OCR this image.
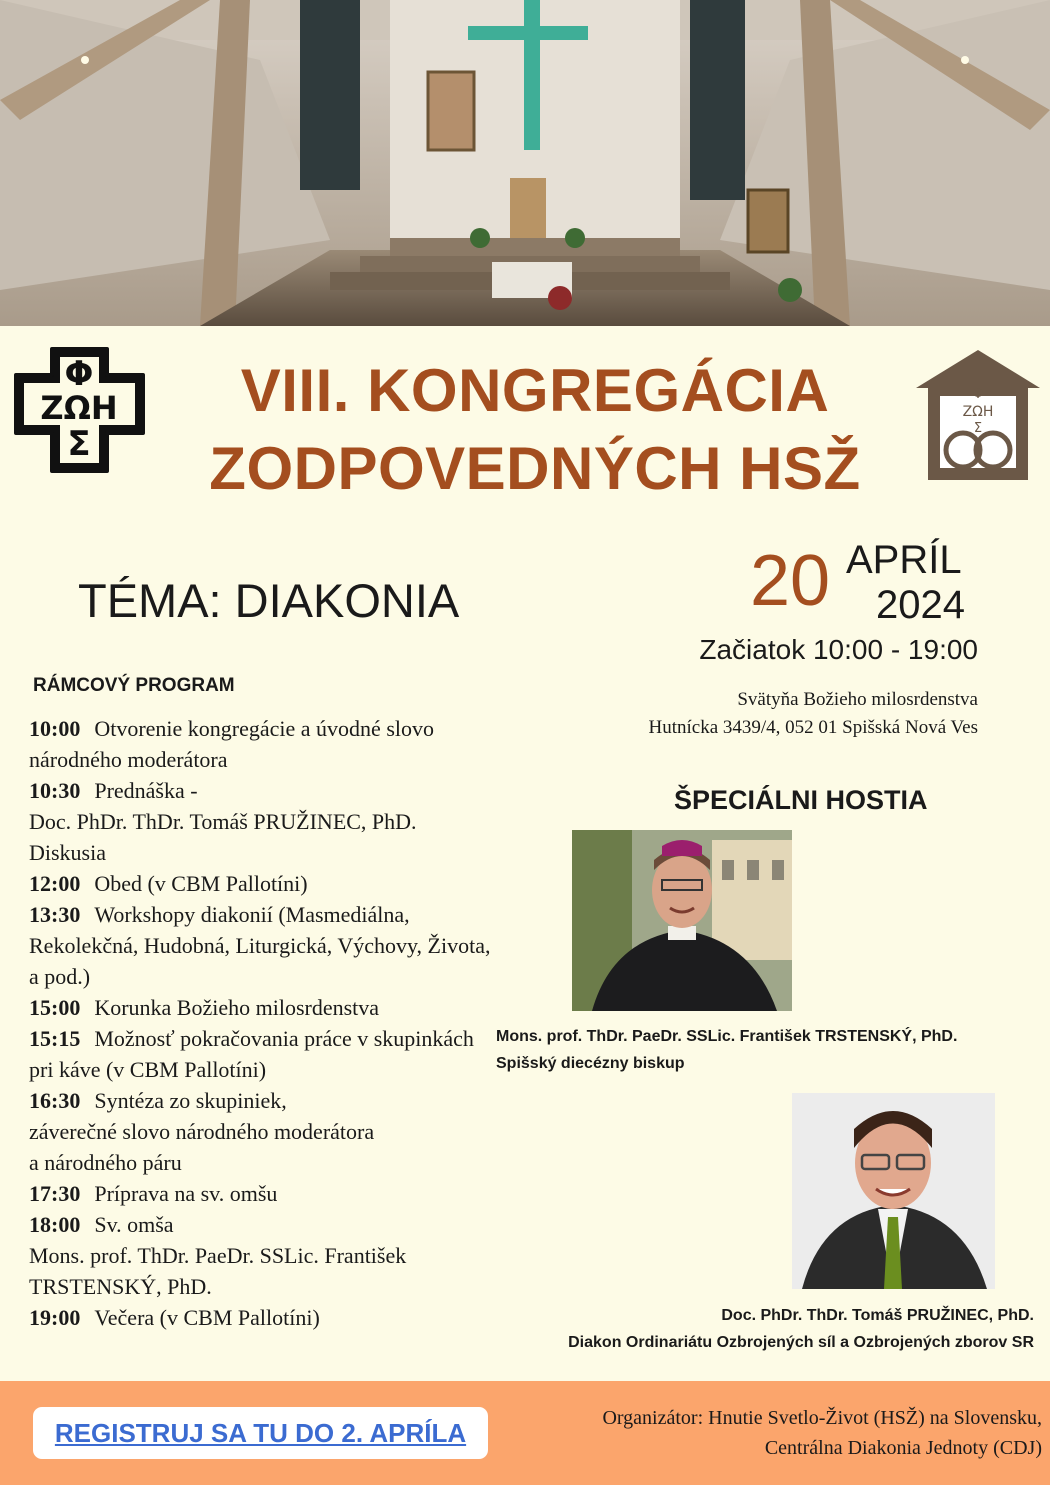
Φ
ΖΩΗ
Σ
Φ
ΖΩΗ
Σ
VIII. KONGREGÁCIA
ZODPOVEDNÝCH HSŽ
TÉMA: DIAKONIA	20 APRÍL
2024
Začiatok 10:00 - 19:00
Svätyňa Božieho milosrdenstva
Hutnícka 3439/4, 052 01 Spišská Nová Ves
RÁMCOVÝ PROGRAM
10:00 Otvorenie kongregácie a úvodné slovo národného moderátora
10:30 Prednáška -
Doc. PhDr. ThDr. Tomáš PRUŽINEC, PhD.
Diskusia
12:00 Obed (v CBM Pallotíni)
13:30 Workshopy diakonií (Masmediálna, Rekolekčná, Hudobná, Liturgická, Výchovy, Života, a pod.)
15:00 Korunka Božieho milosrdenstva
15:15 Možnosť pokračovania práce v skupinkách pri káve (v CBM Pallotíni)
16:30 Syntéza zo skupiniek,
záverečné slovo národného moderátora
a národného páru
17:30 Príprava na sv. omšu
18:00 Sv. omša
Mons. prof. ThDr. PaeDr. SSLic. František TRSTENSKÝ, PhD.
19:00 Večera (v CBM Pallotíni)
ŠPECIÁLNI HOSTIA
Mons. prof. ThDr. PaeDr. SSLic. František TRSTENSKÝ, PhD.
Spišský diecézny biskup
Doc. PhDr. ThDr. Tomáš PRUŽINEC, PhD.
Diakon Ordinariátu Ozbrojených síl a Ozbrojených zborov SR
REGISTRUJ SA TU DO 2. APRÍLA	Organizátor: Hnutie Svetlo-Život (HSŽ) na Slovensku,
Centrálna Diakonia Jednoty (CDJ)
